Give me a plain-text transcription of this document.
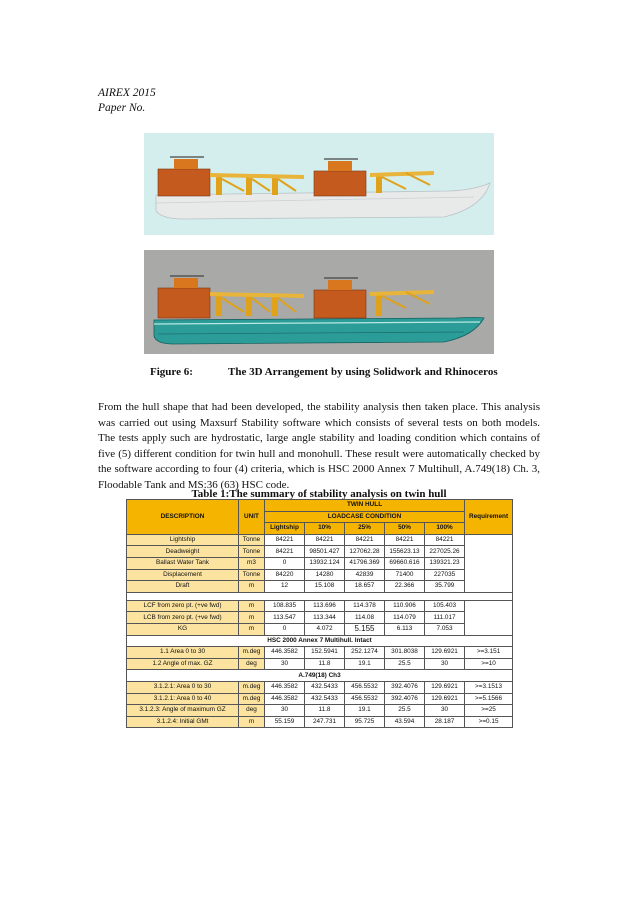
AIREX 2015
Paper No.
Figure 6:	The 3D Arrangement by using Solidwork and Rhinoceros

From the hull shape that had been developed, the stability analysis then taken place. This analysis was carried out using Maxsurf Stability software which consists of several tests on both models. The tests apply such are hydrostatic, large angle stability and loading condition which contains of five (5) different condition for twin hull and monohull. These result were automatically checked by the software according to four (4) criteria, which is HSC 2000 Annex 7 Multihull, A.749(18) Ch. 3, Floodable Tank and MS:36 (63) HSC code.

Table 1:The summary of stability analysis on twin hull
DESCRIPTION	UNIT	TWIN HULL					Requirement
		LOADCASE CONDITION					
		Lightship	10%	25%	50%	100%	
Lightship	Tonne	84221	84221	84221	84221	84221	
Deadweight	Tonne	84221	98501.427	127062.28	155623.13	227025.26	
Ballast Water Tank	m3	0	13932.124	41796.369	69660.616	139321.23	
Displacement	Tonne	84220	14280	42839	71400	227035	
Draft	m	12	15.108	18.657	22.366	35.799	

LCF from zero pt. (+ve fwd)	m	108.835	113.696	114.378	110.906	105.403	
LCB from zero pt. (+ve fwd)	m	113.547	113.344	114.08	114.079	111.017	
KG	m	0	4.072	5.155	6.113	7.053	
HSC 2000 Annex 7 Multihull. Intact							
1.1 Area 0 to 30	m.deg	446.3582	152.5941	252.1274	301.8038	129.6921	>=3.151
1.2 Angle of max. GZ	deg	30	11.8	19.1	25.5	30	>=10
A.749(18) Ch3							
3.1.2.1: Area 0 to 30	m.deg	446.3582	432.5433	456.5532	392.4076	129.6921	>=3.1513
3.1.2.1: Area 0 to 40	m.deg	446.3582	432.5433	456.5532	392.4076	129.6921	>=5.1566
3.1.2.3: Angle of maximum GZ	deg	30	11.8	19.1	25.5	30	>=25
3.1.2.4: Initial GMt	m	55.159	247.731	95.725	43.594	28.187	>=0.15
